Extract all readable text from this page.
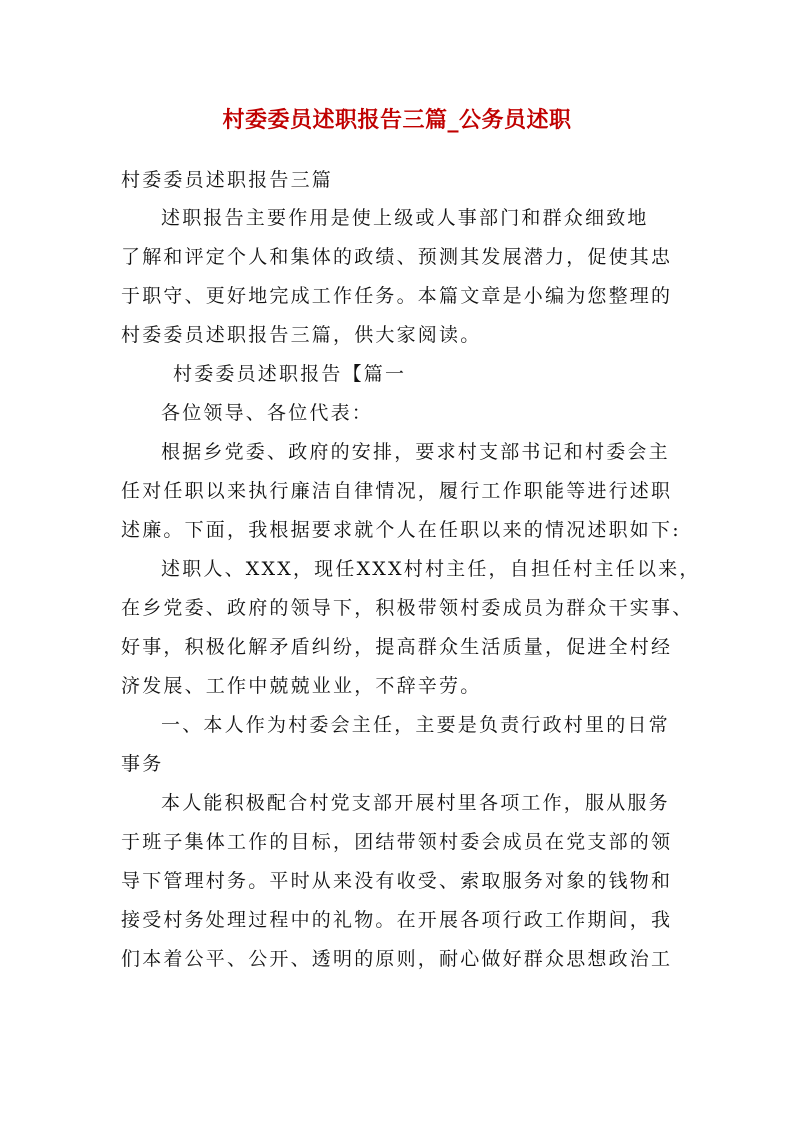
村委委员述职报告三篇_公务员述职
村委委员述职报告三篇
述职报告主要作用是使上级或人事部门和群众细致地
了解和评定个人和集体的政绩、预测其发展潜力，促使其忠
于职守、更好地完成工作任务。本篇文章是小编为您整理的
村委委员述职报告三篇，供大家阅读。
村委委员述职报告【篇一
各位领导、各位代表：
根据乡党委、政府的安排，要求村支部书记和村委会主
任对任职以来执行廉洁自律情况，履行工作职能等进行述职
述廉。下面，我根据要求就个人在任职以来的情况述职如下:
述职人、XXX，现任XXX村村主任，自担任村主任以来，
在乡党委、政府的领导下，积极带领村委成员为群众干实事、
好事，积极化解矛盾纠纷，提高群众生活质量，促进全村经
济发展、工作中兢兢业业，不辞辛劳。
一、本人作为村委会主任，主要是负责行政村里的日常
事务
本人能积极配合村党支部开展村里各项工作，服从服务
于班子集体工作的目标，团结带领村委会成员在党支部的领
导下管理村务。平时从来没有收受、索取服务对象的钱物和
接受村务处理过程中的礼物。在开展各项行政工作期间，我
们本着公平、公开、透明的原则，耐心做好群众思想政治工
